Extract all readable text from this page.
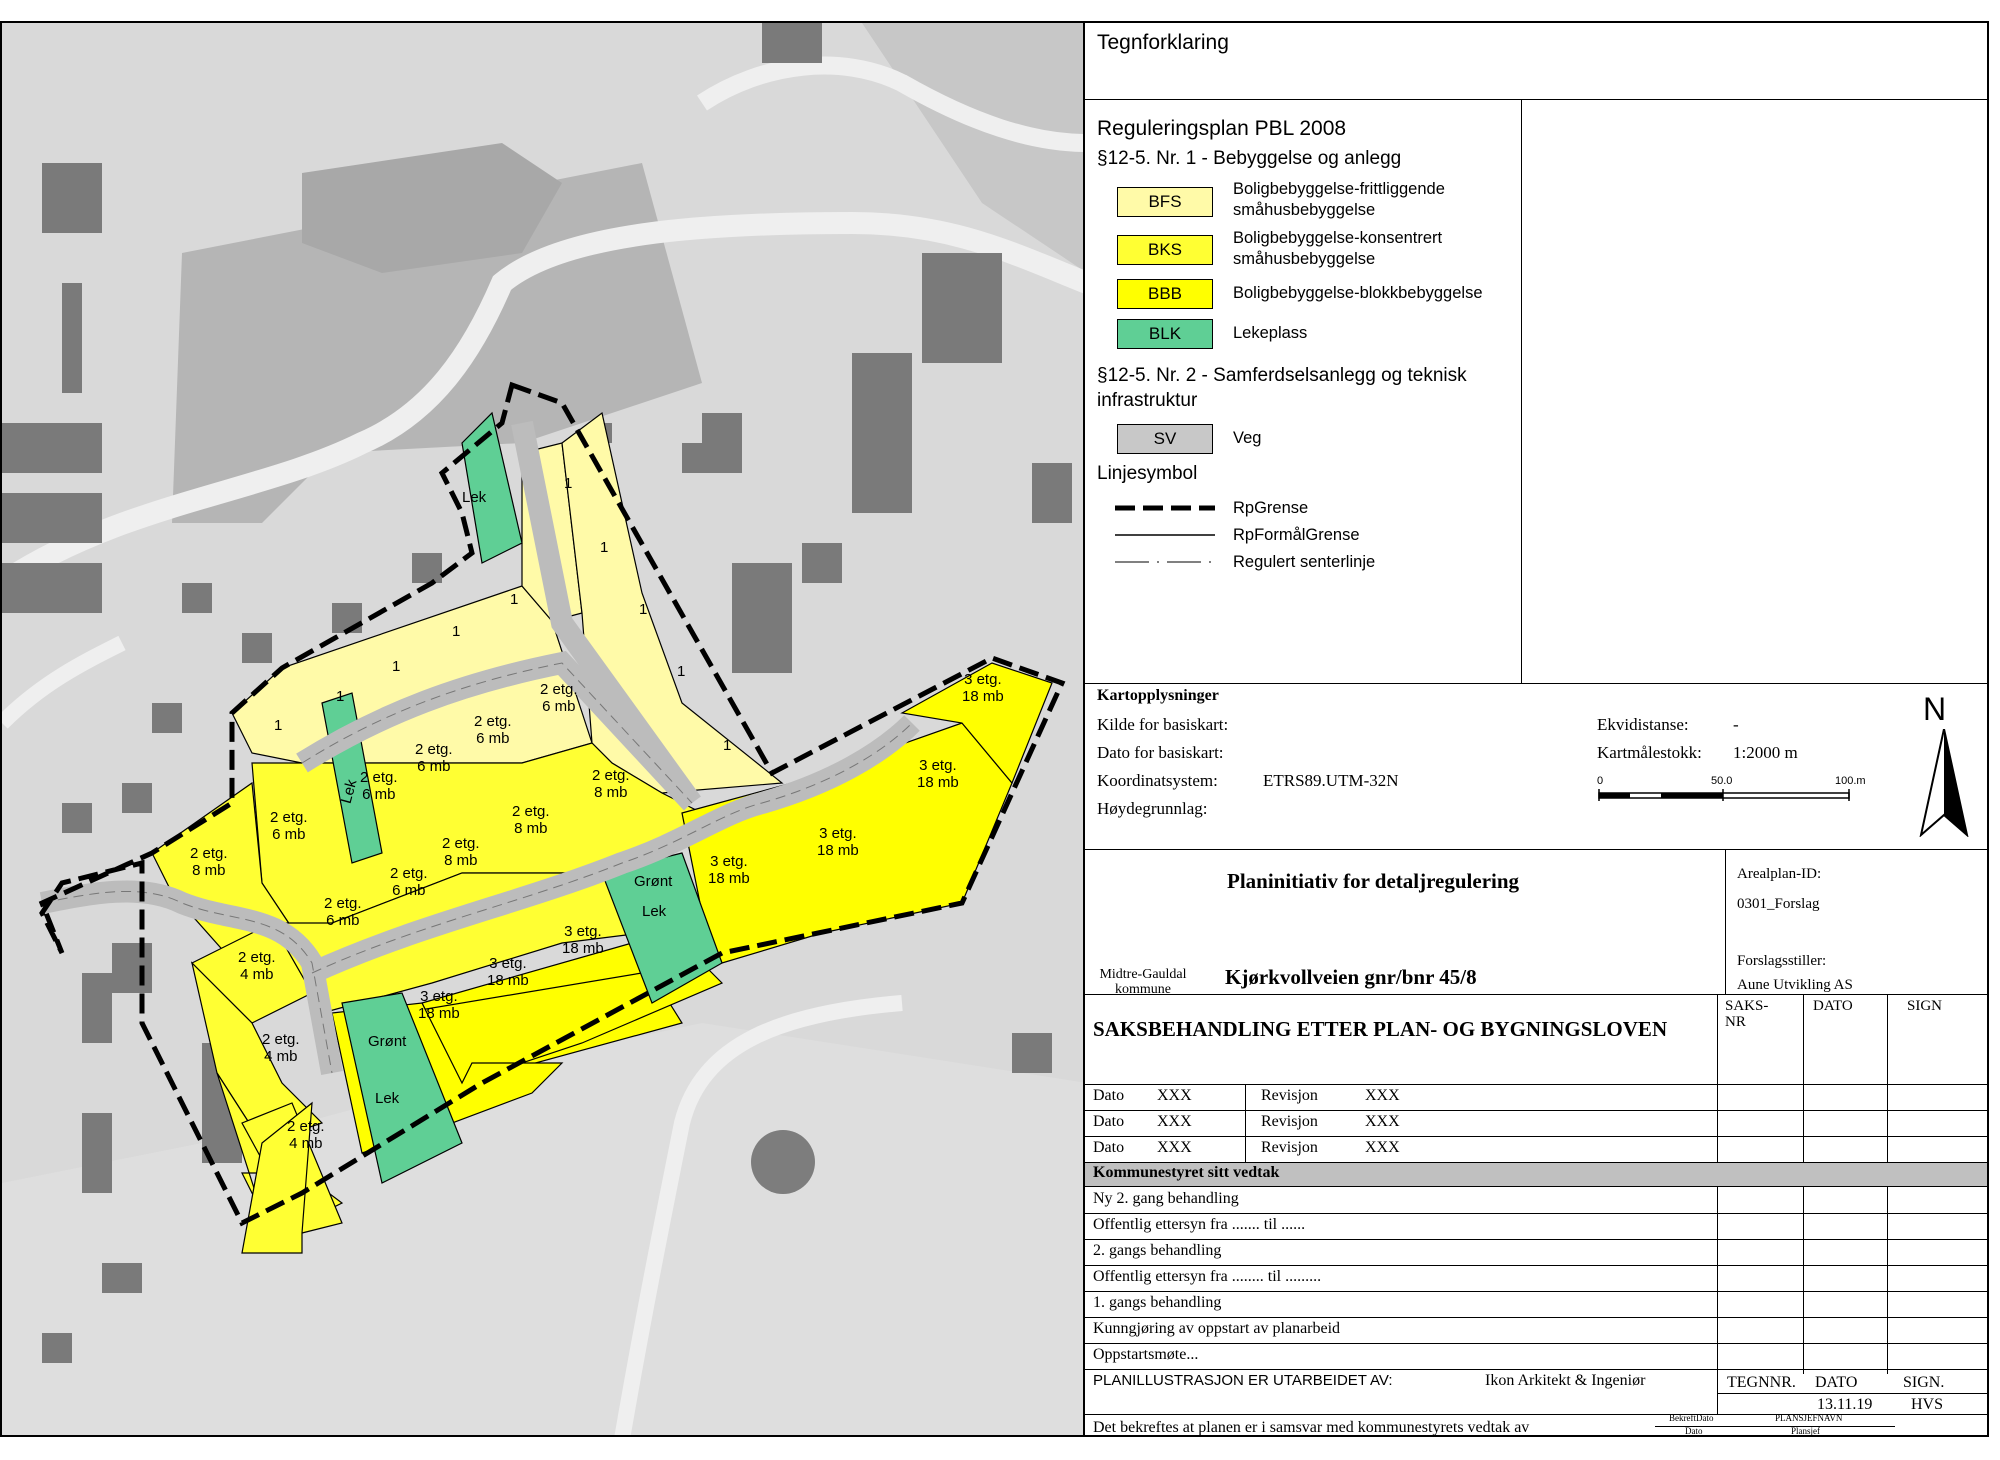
Lek
Lek
Grønt
Lek
Grønt
Lek
1
1
1
1
1
1
1
1
1
1
2 etg.
6 mb
2 etg.
6 mb
2 etg.
6 mb
2 etg.
6 mb
2 etg.
8 mb
2 etg.
8 mb
2 etg.
8 mb
2 etg.
6 mb
2 etg.
6 mb
2 etg.
6 mb
2 etg.
8 mb
2 etg.
4 mb
2 etg.
4 mb
2 etg.
4 mb
3 etg.
18 mb
3 etg.
18 mb
3 etg.
18 mb
3 etg.
18 mb
3 etg.
18 mb
3 etg.
18 mb
3 etg.
18 mb
Tegnforklaring
Reguleringsplan PBL 2008
§12-5. Nr. 1 - Bebyggelse og anlegg
BFS
Boligbebyggelse-frittliggende småhusbebyggelse
BKS
Boligbebyggelse-konsentrert småhusbebyggelse
BBB	Boligbebyggelse-blokkbebyggelse
BLK	Lekeplass
§12-5. Nr. 2 - Samferdselsanlegg og teknisk infrastruktur
SV	Veg
Linjesymbol
RpGrense
RpFormålGrense
Regulert senterlinje
Kartopplysninger
Kilde for basiskart:
Dato for basiskart:
Koordinatsystem:	ETRS89.UTM-32N
Høydegrunnlag:
Ekvidistanse:	-
Kartmålestokk: 1:2000 m
0	50.0	100.m
N
Planinitiativ for detaljregulering
Midtre-Gauldal kommune
Kjørkvollveien gnr/bnr 45/8
Arealplan-ID:
0301_Forslag
Forslagsstiller:
Aune Utvikling AS
SAKSBEHANDLING ETTER PLAN- OG BYGNINGSLOVEN
SAKS-NR
DATO	SIGN
Dato XXX	Revisjon	XXX
Dato XXX	Revisjon	XXX
Dato XXX	Revisjon	XXX
Kommunestyret sitt vedtak
Ny 2. gang behandling
Offentlig ettersyn fra ....... til ......
2. gangs behandling
Offentlig ettersyn fra ........ til .........
1. gangs behandling
Kunngjøring av oppstart av planarbeid
Oppstartsmøte...
PLANILLUSTRASJON ER UTARBEIDET AV:	Ikon Arkitekt & Ingeniør	TEGNNR. DATO	SIGN.
13.11.19 HVS
Det bekreftes at planen er i samsvar med kommunestyrets vedtak av
BekreftDato	PLANSJEFNAVN
Dato	Plansjef
